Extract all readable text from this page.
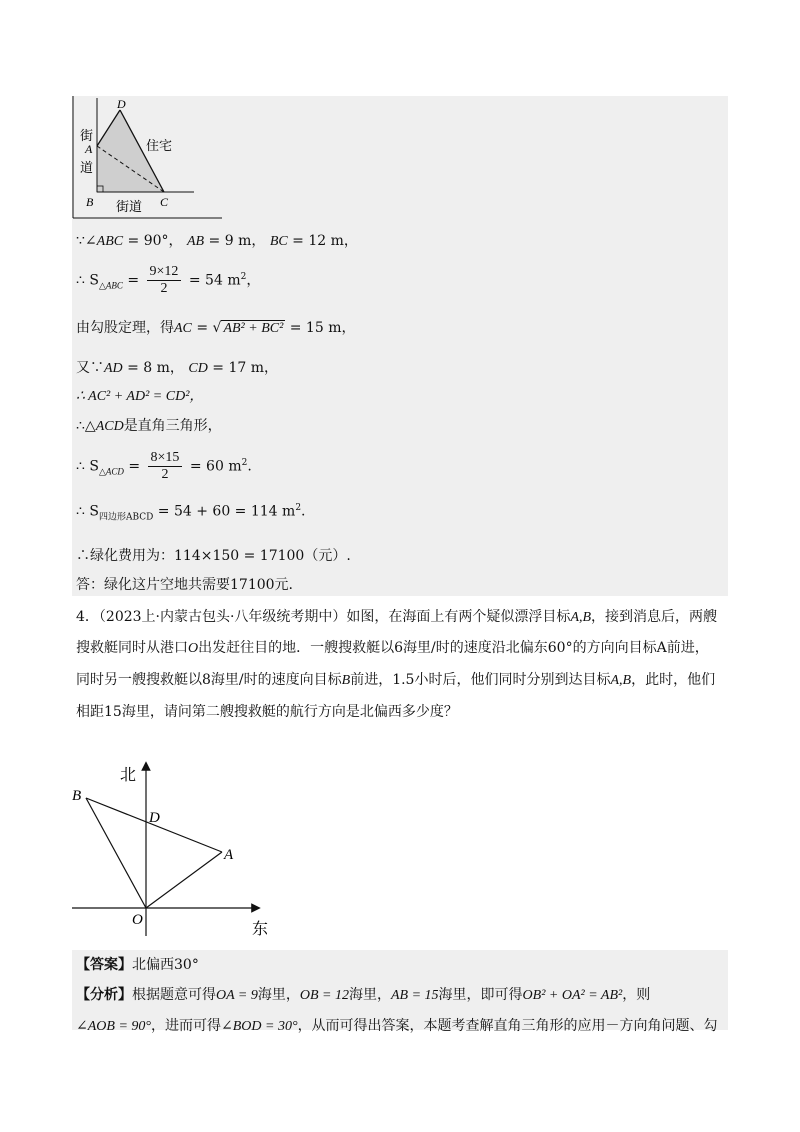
D
A
B	C
街
道
住宅
街道
∵∠ABC = 90°， AB = 9 m， BC = 12 m，
∴ $S_{\triangle ABC} = \frac{9\times 12}{2} = 54$ $m^2$，
由勾股定理，得AC = √ AB² + BC² = 15 m，
又∵AD = 8 m， CD = 17 m，
∴ AC² + AD² = CD²，
∴△ACD是直角三角形，
∴ $S_{\triangle ACD} = \frac{8\times 15}{2} = 60$ $m^2$.
∴ $S_{四边形ABCD} = 54 + 60 = 114$ $m^2$.
∴绿化费用为：114×150 = 17100（元）.
答：绿化这片空地共需要17100元.
4．（2023上·内蒙古包头·八年级统考期中）如图，在海面上有两个疑似漂浮目标A,B，接到消息后，两艘
搜救艇同时从港口O出发赶往目的地．一艘搜救艇以6海里/时的速度沿北偏东60°的方向向目标A前进，
同时另一艘搜救艇以8海里/时的速度向目标B前进，1.5小时后，他们同时分别到达目标A,B，此时，他们
相距15海里，请问第二艘搜救艇的航行方向是北偏西多少度？
北
东
B
D
A
O
【答案】北偏西30°
【分析】根据题意可得OA = 9海里，OB = 12海里，AB = 15海里，即可得OB² + OA² = AB²，则
∠AOB = 90°，进而可得∠BOD = 30°，从而可得出答案，本题考查解直角三角形的应用－方向角问题、勾
